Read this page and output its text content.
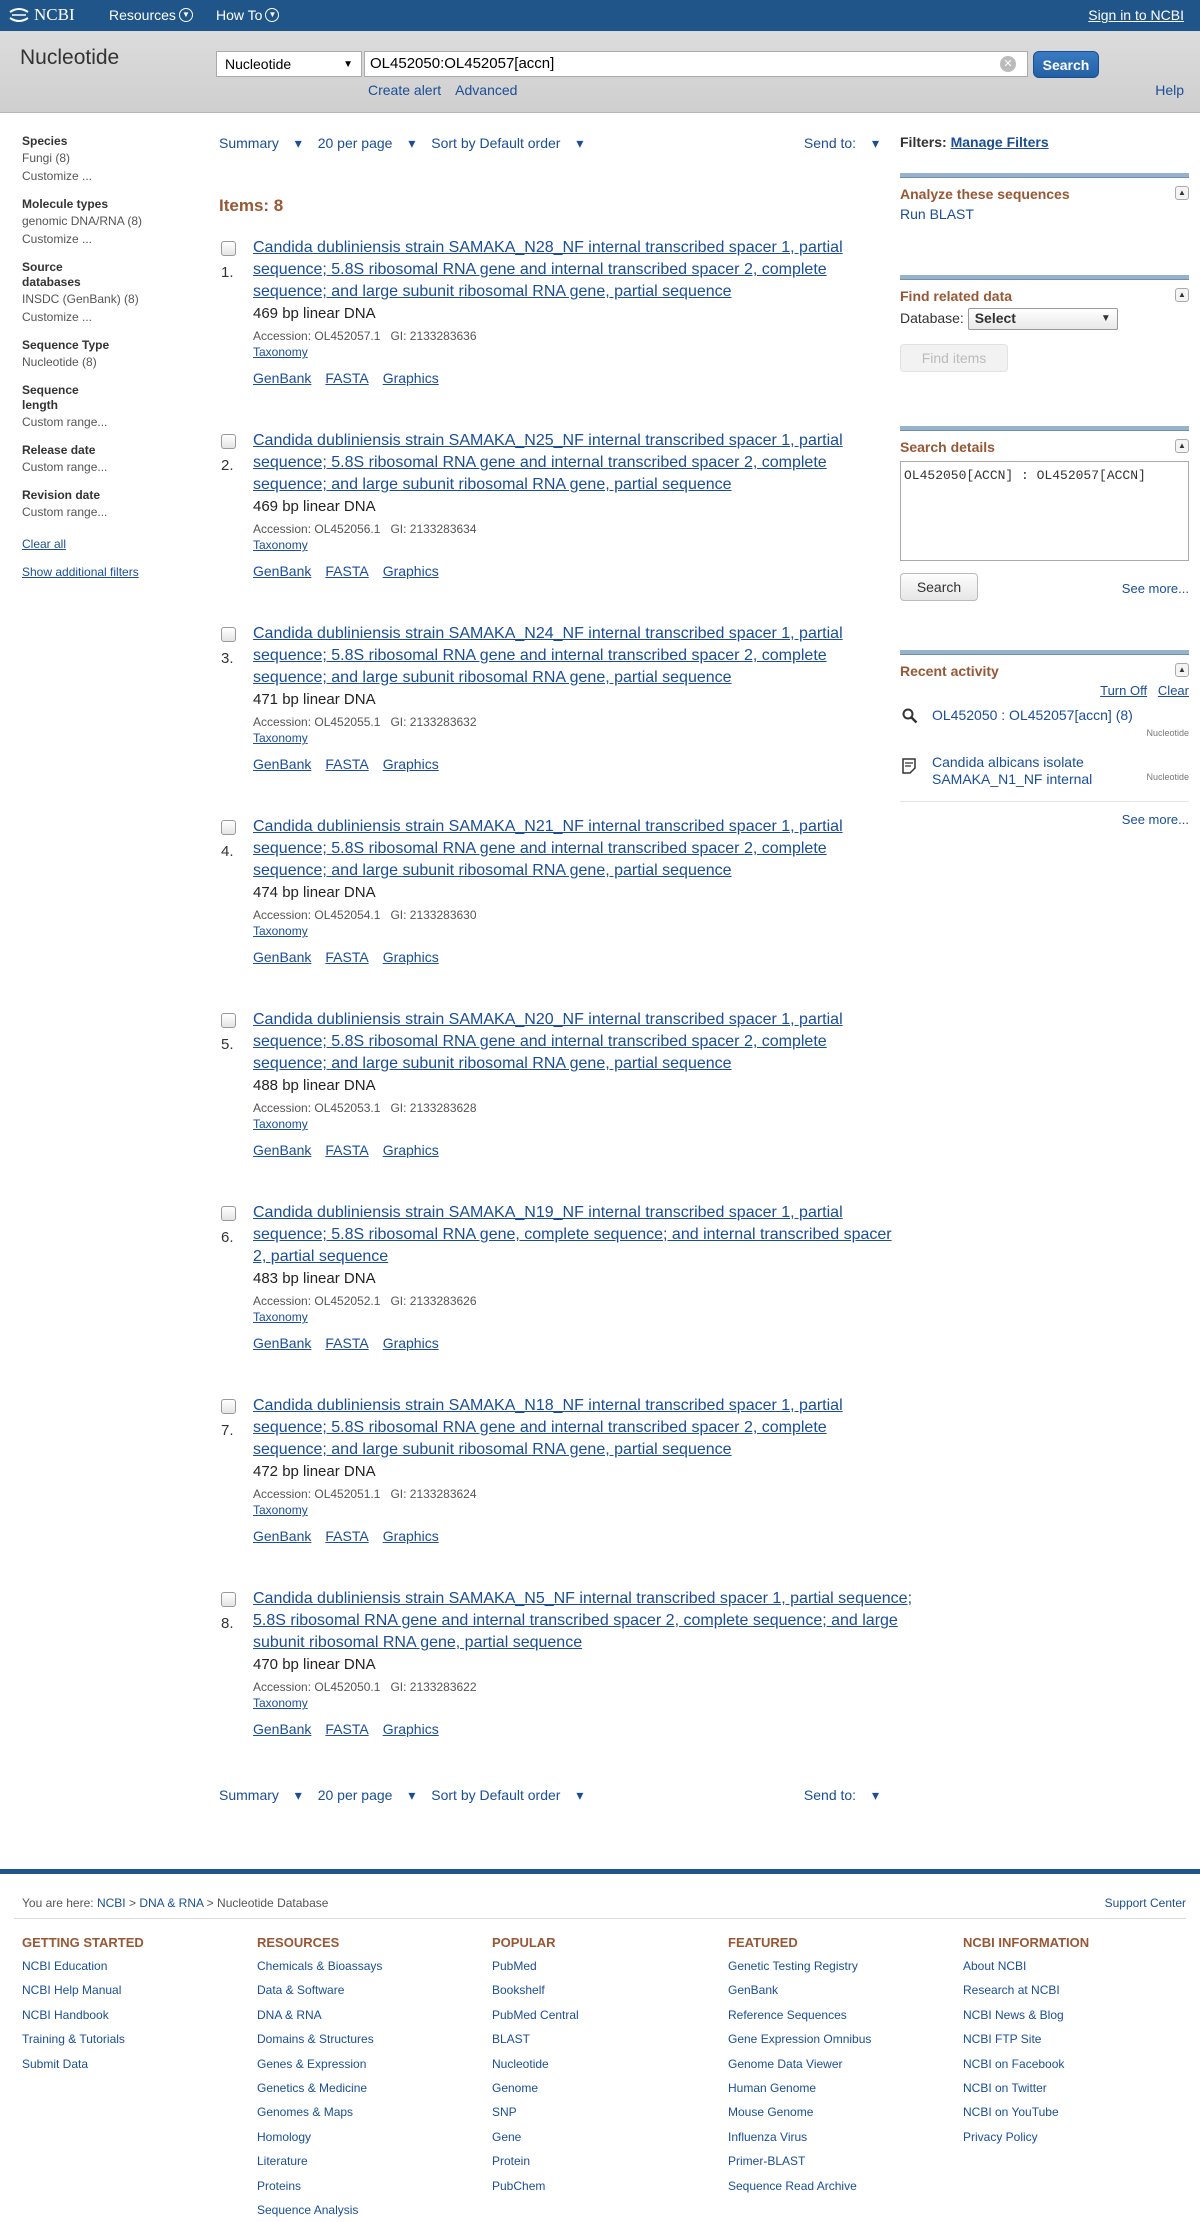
NCBI Resources ▼ How To ▼	Sign in to NCBI
Nucleotide	Nucleotide	▼	OL452050:OL452057[accn]	✕	Search
Create alert Advanced	Help
Species
Fungi (8)
Customize ...
Molecule types
genomic DNA/RNA (8)
Customize ...
Source databases
INSDC (GenBank) (8)
Customize ...
Sequence Type
Nucleotide (8)
Sequence length
Custom range...
Release date
Custom range...
Revision date
Custom range...
Clear all
Show additional filters
Summary ▾ 20 per page ▾ Sort by Default order ▾	Send to: ▾
Items: 8
1.
Candida dubliniensis strain SAMAKA_N28_NF internal transcribed spacer 1, partial sequence; 5.8S ribosomal RNA gene and internal transcribed spacer 2, complete sequence; and large subunit ribosomal RNA gene, partial sequence
469 bp linear DNA
Accession: OL452057.1 GI: 2133283636
Taxonomy
GenBank FASTA Graphics
2.
Candida dubliniensis strain SAMAKA_N25_NF internal transcribed spacer 1, partial sequence; 5.8S ribosomal RNA gene and internal transcribed spacer 2, complete sequence; and large subunit ribosomal RNA gene, partial sequence
469 bp linear DNA
Accession: OL452056.1 GI: 2133283634
Taxonomy
GenBank FASTA Graphics
3.
Candida dubliniensis strain SAMAKA_N24_NF internal transcribed spacer 1, partial sequence; 5.8S ribosomal RNA gene and internal transcribed spacer 2, complete sequence; and large subunit ribosomal RNA gene, partial sequence
471 bp linear DNA
Accession: OL452055.1 GI: 2133283632
Taxonomy
GenBank FASTA Graphics
4.
Candida dubliniensis strain SAMAKA_N21_NF internal transcribed spacer 1, partial sequence; 5.8S ribosomal RNA gene and internal transcribed spacer 2, complete sequence; and large subunit ribosomal RNA gene, partial sequence
474 bp linear DNA
Accession: OL452054.1 GI: 2133283630
Taxonomy
GenBank FASTA Graphics
5.
Candida dubliniensis strain SAMAKA_N20_NF internal transcribed spacer 1, partial sequence; 5.8S ribosomal RNA gene and internal transcribed spacer 2, complete sequence; and large subunit ribosomal RNA gene, partial sequence
488 bp linear DNA
Accession: OL452053.1 GI: 2133283628
Taxonomy
GenBank FASTA Graphics
6.
Candida dubliniensis strain SAMAKA_N19_NF internal transcribed spacer 1, partial sequence; 5.8S ribosomal RNA gene, complete sequence; and internal transcribed spacer 2, partial sequence
483 bp linear DNA
Accession: OL452052.1 GI: 2133283626
Taxonomy
GenBank FASTA Graphics
7.
Candida dubliniensis strain SAMAKA_N18_NF internal transcribed spacer 1, partial sequence; 5.8S ribosomal RNA gene and internal transcribed spacer 2, complete sequence; and large subunit ribosomal RNA gene, partial sequence
472 bp linear DNA
Accession: OL452051.1 GI: 2133283624
Taxonomy
GenBank FASTA Graphics
8.
Candida dubliniensis strain SAMAKA_N5_NF internal transcribed spacer 1, partial sequence; 5.8S ribosomal RNA gene and internal transcribed spacer 2, complete sequence; and large subunit ribosomal RNA gene, partial sequence
470 bp linear DNA
Accession: OL452050.1 GI: 2133283622
Taxonomy
GenBank FASTA Graphics
Summary ▾ 20 per page ▾ Sort by Default order ▾	Send to: ▾
Filters: Manage Filters
Analyze these sequences	▲
Run BLAST
Find related data	▲
Database: Select	▼
Find items
Search details	▲
OL452050[ACCN] : OL452057[ACCN]
Search	See more...
Recent activity	▲
Turn Off Clear
OL452050 : OL452057[accn] (8)
Nucleotide
Candida albicans isolate
SAMAKA_N1_NF internal	Nucleotide
See more...
You are here: NCBI > DNA & RNA > Nucleotide Database	Support Center
GETTING STARTED
NCBI Education
NCBI Help Manual
NCBI Handbook
Training & Tutorials
Submit Data
RESOURCES
Chemicals & Bioassays
Data & Software
DNA & RNA
Domains & Structures
Genes & Expression
Genetics & Medicine
Genomes & Maps
Homology
Literature
Proteins
Sequence Analysis
POPULAR
PubMed
Bookshelf
PubMed Central
BLAST
Nucleotide
Genome
SNP
Gene
Protein
PubChem
FEATURED
Genetic Testing Registry
GenBank
Reference Sequences
Gene Expression Omnibus
Genome Data Viewer
Human Genome
Mouse Genome
Influenza Virus
Primer-BLAST
Sequence Read Archive
NCBI INFORMATION
About NCBI
Research at NCBI
NCBI News & Blog
NCBI FTP Site
NCBI on Facebook
NCBI on Twitter
NCBI on YouTube
Privacy Policy
